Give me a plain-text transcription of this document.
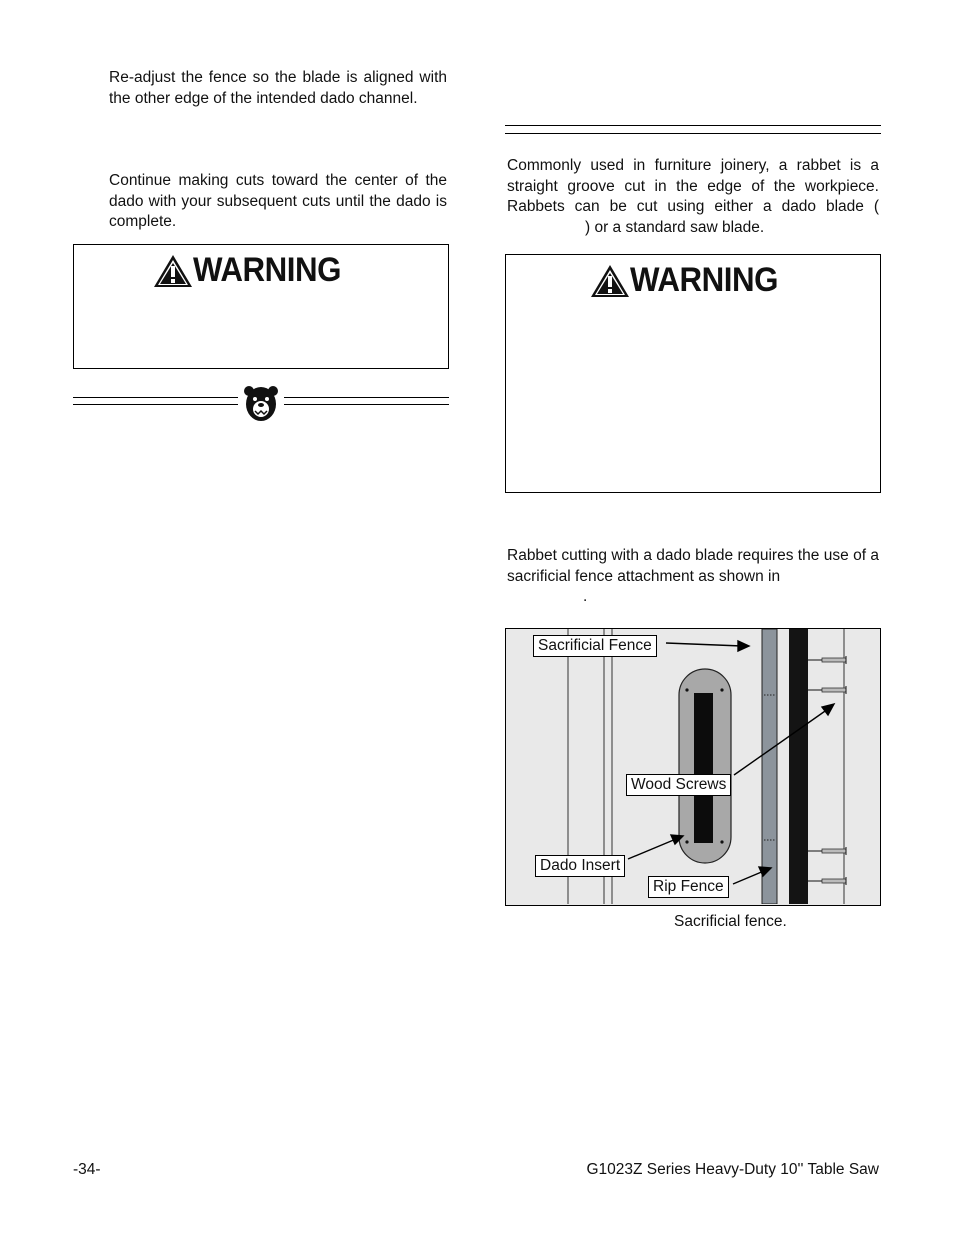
Re-adjust the fence so the blade is aligned with the other edge of the intended dado channel.
Continue making cuts toward the center of the dado with your subsequent cuts until the dado is complete.
WARNING
Commonly used in furniture joinery, a rabbet is a straight groove cut in the edge of the workpiece. Rabbets can be cut using either a dado blade () or a standard saw blade.
WARNING
Rabbet cutting with a dado blade requires the use of a sacrificial fence attachment as shown in
.
Sacrificial Fence
Wood Screws
Dado Insert
Rip Fence
Sacrificial fence.
-34-	G1023Z Series Heavy-Duty 10'' Table Saw
